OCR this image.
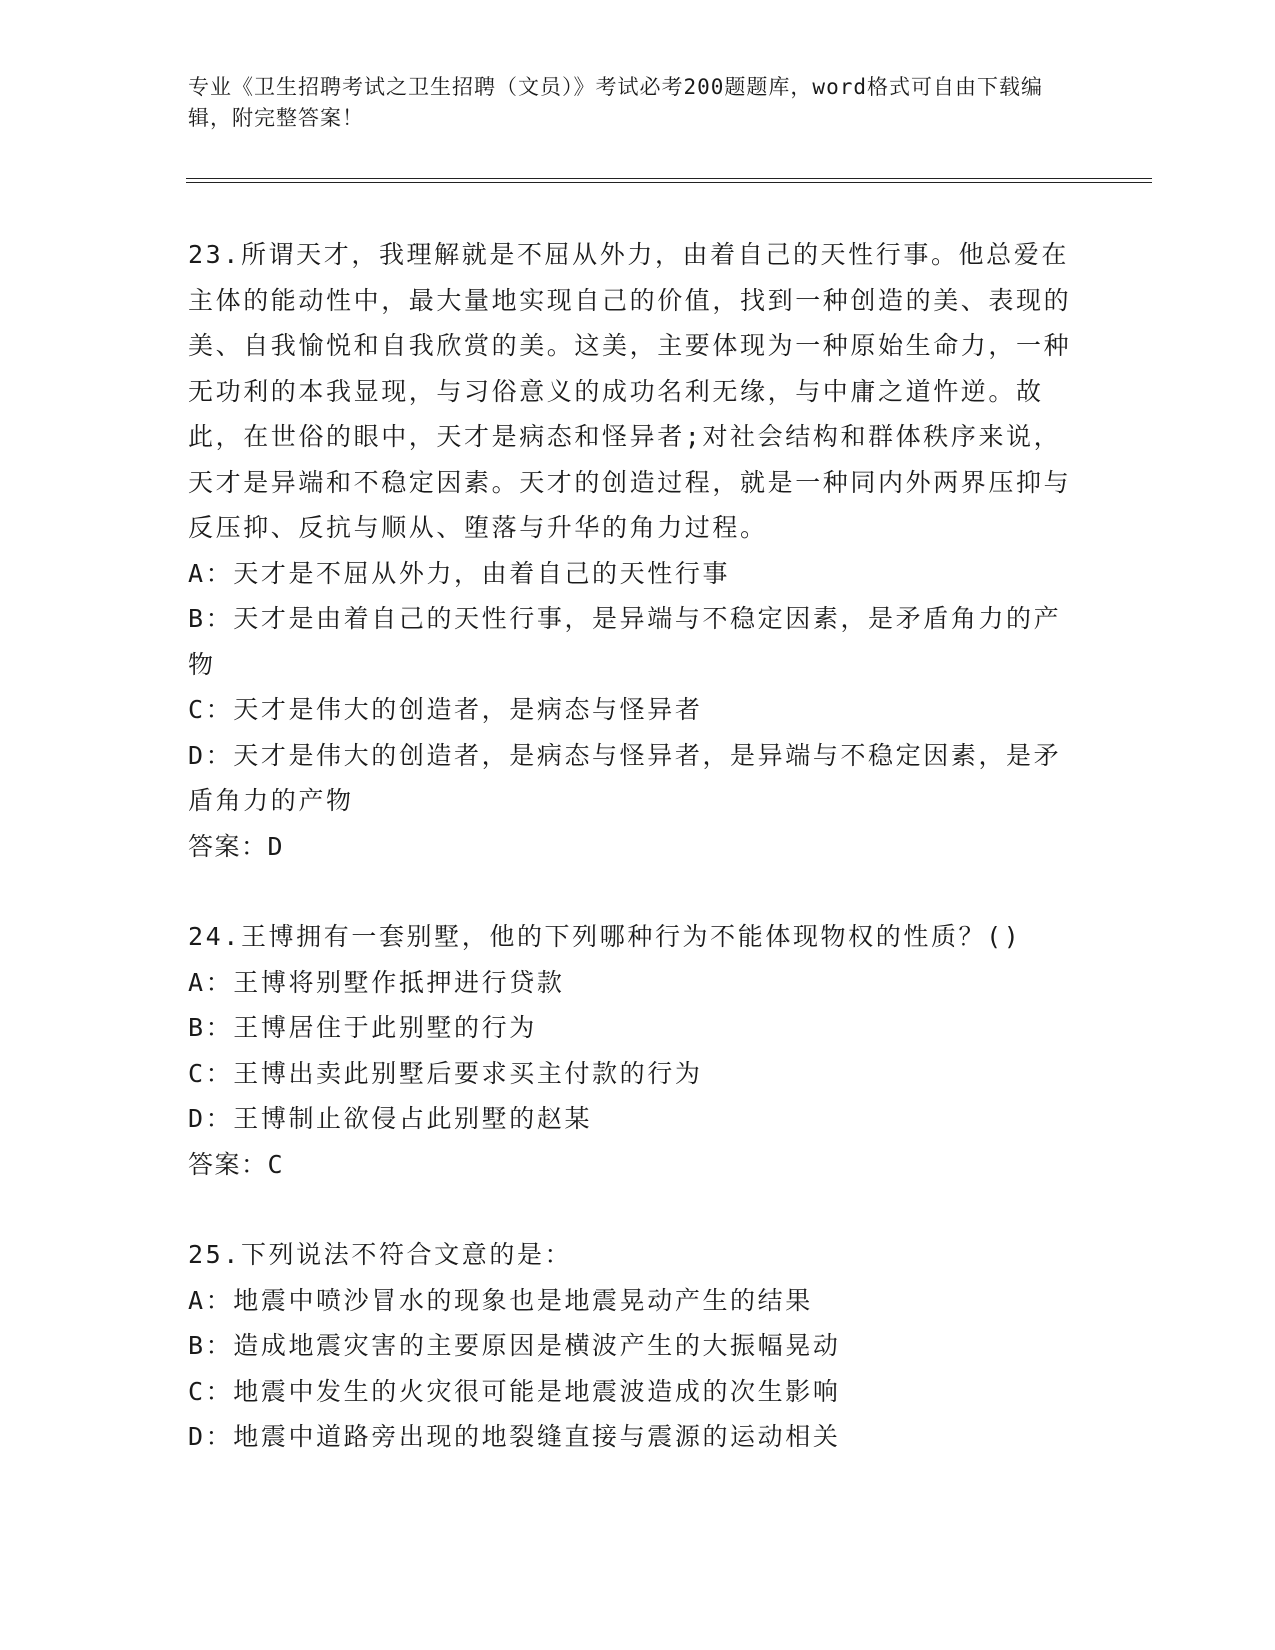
专业《卫生招聘考试之卫生招聘（文员）》考试必考200题题库，word格式可自由下载编辑，附完整答案！

23.所谓天才，我理解就是不屈从外力，由着自己的天性行事。他总爱在主体的能动性中，最大量地实现自己的价值，找到一种创造的美、表现的美、自我愉悦和自我欣赏的美。这美，主要体现为一种原始生命力，一种无功利的本我显现，与习俗意义的成功名利无缘，与中庸之道忤逆。故此，在世俗的眼中，天才是病态和怪异者;对社会结构和群体秩序来说，天才是异端和不稳定因素。天才的创造过程，就是一种同内外两界压抑与反压抑、反抗与顺从、堕落与升华的角力过程。

A：天才是不屈从外力，由着自己的天性行事

B：天才是由着自己的天性行事，是异端与不稳定因素，是矛盾角力的产物

C：天才是伟大的创造者，是病态与怪异者

D：天才是伟大的创造者，是病态与怪异者，是异端与不稳定因素，是矛盾角力的产物

答案：D

24.王博拥有一套别墅，他的下列哪种行为不能体现物权的性质？()

A：王博将别墅作抵押进行贷款

B：王博居住于此别墅的行为

C：王博出卖此别墅后要求买主付款的行为

D：王博制止欲侵占此别墅的赵某

答案：C

25.下列说法不符合文意的是：

A：地震中喷沙冒水的现象也是地震晃动产生的结果

B：造成地震灾害的主要原因是横波产生的大振幅晃动

C：地震中发生的火灾很可能是地震波造成的次生影响

D：地震中道路旁出现的地裂缝直接与震源的运动相关
